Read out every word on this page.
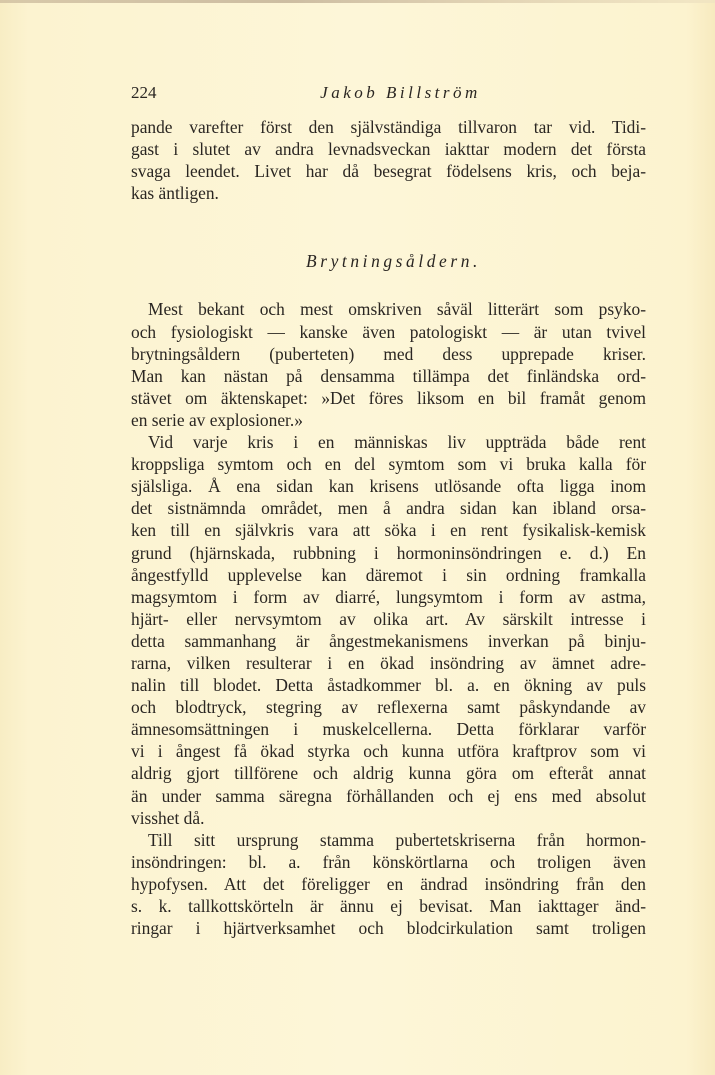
224	Jakob Billström

pande varefter först den självständiga tillvaron tar vid. Tidi-
gast i slutet av andra levnadsveckan iakttar modern det första
svaga leendet. Livet har då besegrat födelsens kris, och beja-
kas äntligen.

Brytningsåldern.

Mest bekant och mest omskriven såväl litterärt som psyko-
och fysiologiskt — kanske även patologiskt — är utan tvivel
brytningsåldern (puberteten) med dess upprepade kriser.
Man kan nästan på densamma tillämpa det finländska ord-
stävet om äktenskapet: »Det föres liksom en bil framåt genom
en serie av explosioner.»

Vid varje kris i en människas liv uppträda både rent
kroppsliga symtom och en del symtom som vi bruka kalla för
själsliga. Å ena sidan kan krisens utlösande ofta ligga inom
det sistnämnda området, men å andra sidan kan ibland orsa-
ken till en självkris vara att söka i en rent fysikalisk-kemisk
grund (hjärnskada, rubbning i hormoninsöndringen e. d.) En
ångestfylld upplevelse kan däremot i sin ordning framkalla
magsymtom i form av diarré, lungsymtom i form av astma,
hjärt- eller nervsymtom av olika art. Av särskilt intresse i
detta sammanhang är ångestmekanismens inverkan på binju-
rarna, vilken resulterar i en ökad insöndring av ämnet adre-
nalin till blodet. Detta åstadkommer bl. a. en ökning av puls
och blodtryck, stegring av reflexerna samt påskyndande av
ämnesomsättningen i muskelcellerna. Detta förklarar varför
vi i ångest få ökad styrka och kunna utföra kraftprov som vi
aldrig gjort tillförene och aldrig kunna göra om efteråt annat
än under samma säregna förhållanden och ej ens med absolut
visshet då.

Till sitt ursprung stamma pubertetskriserna från hormon-
insöndringen: bl. a. från könskörtlarna och troligen även
hypofysen. Att det föreligger en ändrad insöndring från den
s. k. tallkottskörteln är ännu ej bevisat. Man iakttager änd-
ringar i hjärtverksamhet och blodcirkulation samt troligen
